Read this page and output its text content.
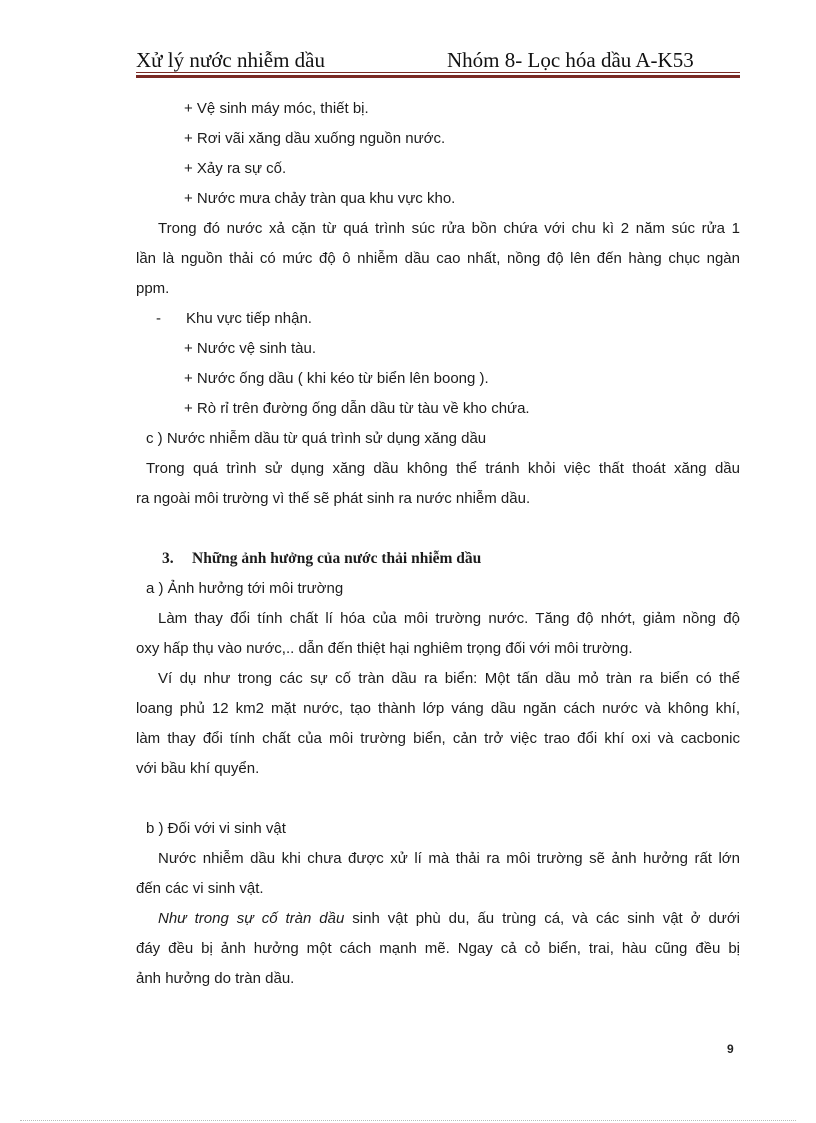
Xử lý nước nhiễm dầu	Nhóm 8- Lọc hóa dầu A-K53
+ Vệ sinh máy móc, thiết bị.
+ Rơi vãi xăng dầu xuống nguồn nước.
+ Xảy ra sự cố.
+ Nước mưa chảy tràn qua khu vực kho.
Trong đó nước xả cặn từ quá trình súc rửa bồn chứa với chu kì 2 năm súc rửa 1
lần là nguồn thải có mức độ ô nhiễm dầu cao nhất, nồng độ lên đến hàng chục ngàn
ppm.
- Khu vực tiếp nhận.
+ Nước vệ sinh tàu.
+ Nước ống dầu ( khi kéo từ biển lên boong ).
+ Rò rỉ trên đường ống dẫn dầu từ tàu về kho chứa.
c ) Nước nhiễm dầu từ quá trình sử dụng xăng dầu
Trong quá trình sử dụng xăng dầu không thể tránh khỏi việc thất thoát xăng dầu
ra ngoài môi trường vì thế sẽ phát sinh ra nước nhiễm dầu.
3. Những ảnh hưởng của nước thải nhiễm dầu
a ) Ảnh hưởng tới môi trường
Làm thay đổi tính chất lí hóa của môi trường nước. Tăng độ nhớt, giảm nồng độ
oxy hấp thụ vào nước,.. dẫn đến thiệt hại nghiêm trọng đối với môi trường.
Ví dụ như trong các sự cố tràn dầu ra biển: Một tấn dầu mỏ tràn ra biển có thể
loang phủ 12 km2 mặt nước, tạo thành lớp váng dầu ngăn cách nước và không khí,
làm thay đổi tính chất của môi trường biển, cản trở việc trao đổi khí oxi và cacbonic
với bầu khí quyển.
b ) Đối với vi sinh vật
Nước nhiễm dầu khi chưa được xử lí mà thải ra môi trường sẽ ảnh hưởng rất lớn
đến các vi sinh vật.
Như trong sự cố tràn dầu sinh vật phù du, ấu trùng cá, và các sinh vật ở dưới
đáy đều bị ảnh hưởng một cách mạnh mẽ. Ngay cả cỏ biển, trai, hàu cũng đều bị
ảnh hưởng do tràn dầu.
9
